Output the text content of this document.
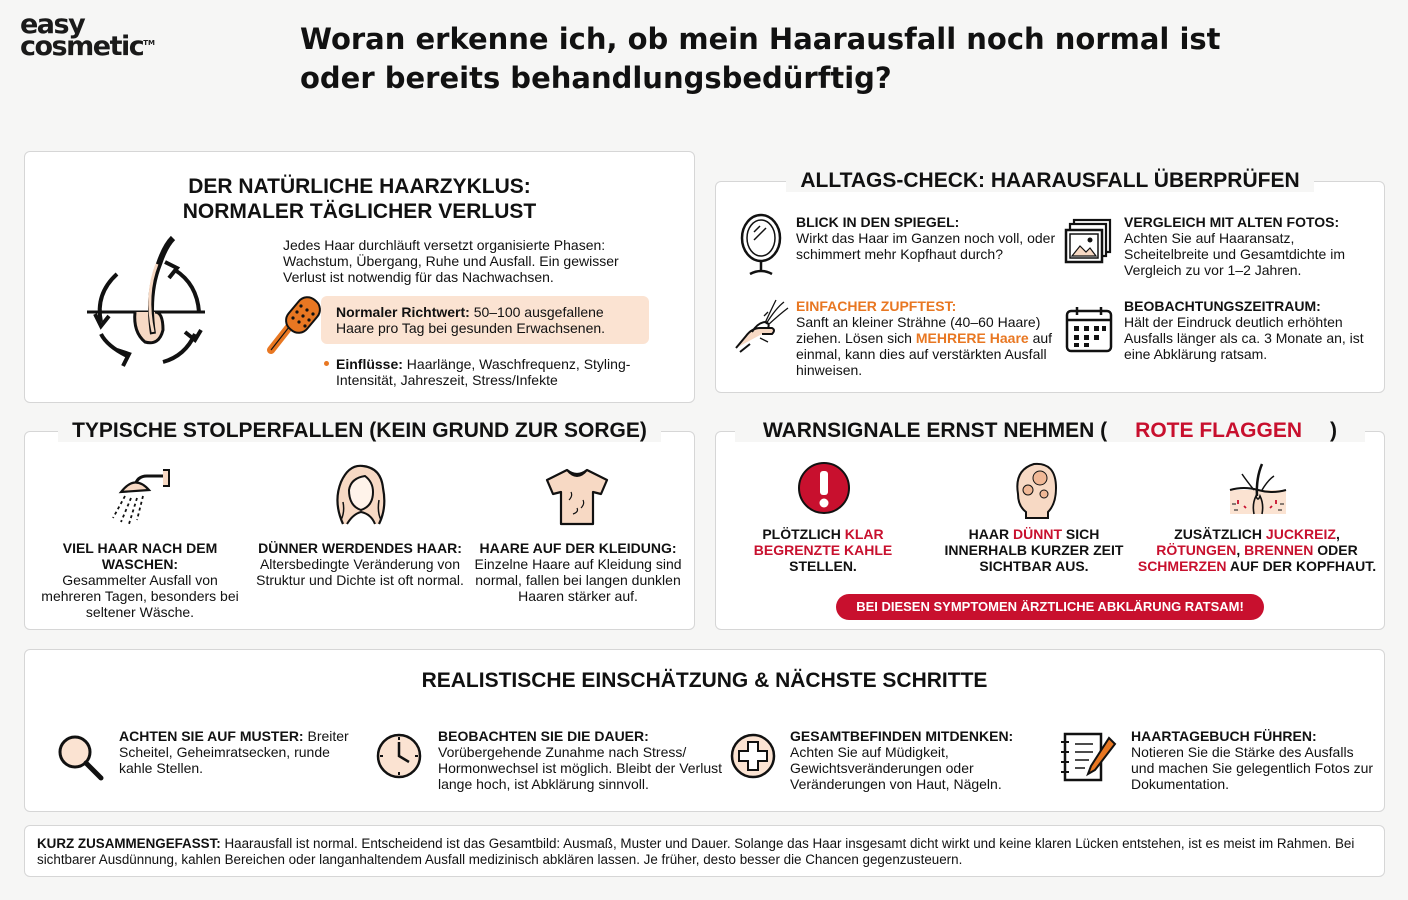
easy
cosmetic™	Woran erkenne ich, ob mein Haarausfall noch normal ist oder bereits behandlungsbedürftig?
DER NATÜRLICHE HAARZYKLUS:
NORMALER TÄGLICHER VERLUST
Jedes Haar durchläuft versetzt organisierte Phasen: Wachstum, Übergang, Ruhe und Ausfall. Ein gewisser Verlust ist notwendig für das Nachwachsen.
Normaler Richtwert: 50–100 ausgefallene Haare pro Tag bei gesunden Erwachsenen.
Einflüsse: Haarlänge, Waschfrequenz, Styling-Intensität, Jahreszeit, Stress/Infekte
ALLTAGS-CHECK: HAARAUSFALL ÜBERPRÜFEN
BLICK IN DEN SPIEGEL:
Wirkt das Haar im Ganzen noch voll, oder schimmert mehr Kopfhaut durch?
VERGLEICH MIT ALTEN FOTOS:
Achten Sie auf Haaransatz, Scheitelbreite und Gesamtdichte im Vergleich zu vor 1–2 Jahren.
EINFACHER ZUPFTEST:
Sanft an kleiner Strähne (40–60 Haare) ziehen. Lösen sich MEHRERE Haare auf einmal, kann dies auf verstärkten Ausfall hinweisen.
BEOBACHTUNGSZEITRAUM:
Hält der Eindruck deutlich erhöhten Ausfalls länger als ca. 3 Monate an, ist eine Abklärung ratsam.
TYPISCHE STOLPERFALLEN (KEIN GRUND ZUR SORGE)
VIEL HAAR NACH DEM WASCHEN:
Gesammelter Ausfall von mehreren Tagen, besonders bei seltener Wäsche.
DÜNNER WERDENDES HAAR:
Altersbedingte Veränderung von Struktur und Dichte ist oft normal.
HAARE AUF DER KLEIDUNG:
Einzelne Haare auf Kleidung sind normal, fallen bei langen dunklen Haaren stärker auf.
WARNSIGNALE ERNST NEHMEN ( ROTE FLAGGEN )
PLÖTZLICH KLAR BEGRENZTE KAHLE STELLEN.
HAAR DÜNNT SICH INNERHALB KURZER ZEIT SICHTBAR AUS.
ZUSÄTZLICH JUCKREIZ, RÖTUNGEN, BRENNEN ODER SCHMERZEN AUF DER KOPFHAUT.
BEI DIESEN SYMPTOMEN ÄRZTLICHE ABKLÄRUNG RATSAM!
REALISTISCHE EINSCHÄTZUNG & NÄCHSTE SCHRITTE
ACHTEN SIE AUF MUSTER: Breiter Scheitel, Geheimratsecken, runde kahle Stellen.
BEOBACHTEN SIE DIE DAUER:
Vorübergehende Zunahme nach Stress/ Hormonwechsel ist möglich. Bleibt der Verlust lange hoch, ist Abklärung sinnvoll.
GESAMTBEFINDEN MITDENKEN:
Achten Sie auf Müdigkeit, Gewichtsveränderungen oder Veränderungen von Haut, Nägeln.
HAARTAGEBUCH FÜHREN:
Notieren Sie die Stärke des Ausfalls und machen Sie gelegentlich Fotos zur Dokumentation.
KURZ ZUSAMMENGEFASST: Haarausfall ist normal. Entscheidend ist das Gesamtbild: Ausmaß, Muster und Dauer. Solange das Haar insgesamt dicht wirkt und keine klaren Lücken entstehen, ist es meist im Rahmen. Bei sichtbarer Ausdünnung, kahlen Bereichen oder langanhaltendem Ausfall medizinisch abklären lassen. Je früher, desto besser die Chancen gegenzusteuern.
